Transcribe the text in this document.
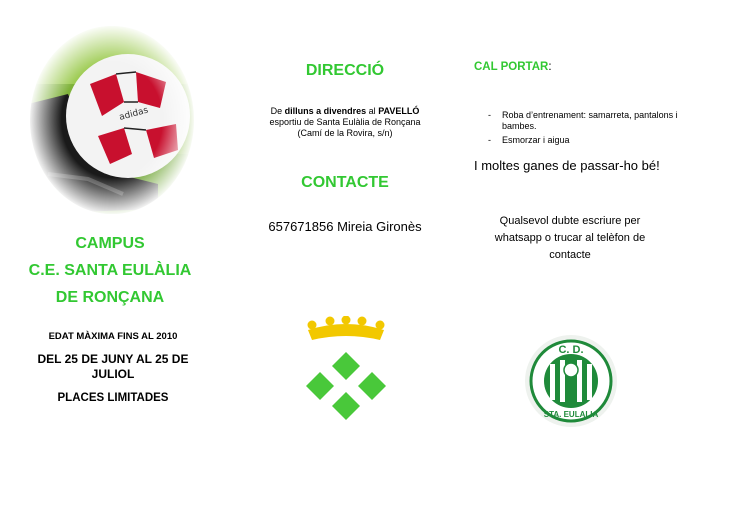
CAMPUS
C.E. SANTA EULÀLIA
DE RONÇANA
EDAT MÀXIMA FINS AL 2010
DEL 25 DE JUNY AL 25 DE JULIOL
PLACES LIMITADES
DIRECCIÓ
De dilluns a divendres al PAVELLÓ
esportiu de Santa Eulàlia de Ronçana
(Camí de la Rovira, s/n)
CONTACTE
657671856 Mireia Gironès
CAL PORTAR:
- Roba d’entrenament: samarreta, pantalons i bambes.
- Esmorzar i aigua
I moltes ganes de passar-ho bé!
Qualsevol dubte escriure per whatsapp o trucar al telèfon de contacte
C. D.
STA. EULALIA
